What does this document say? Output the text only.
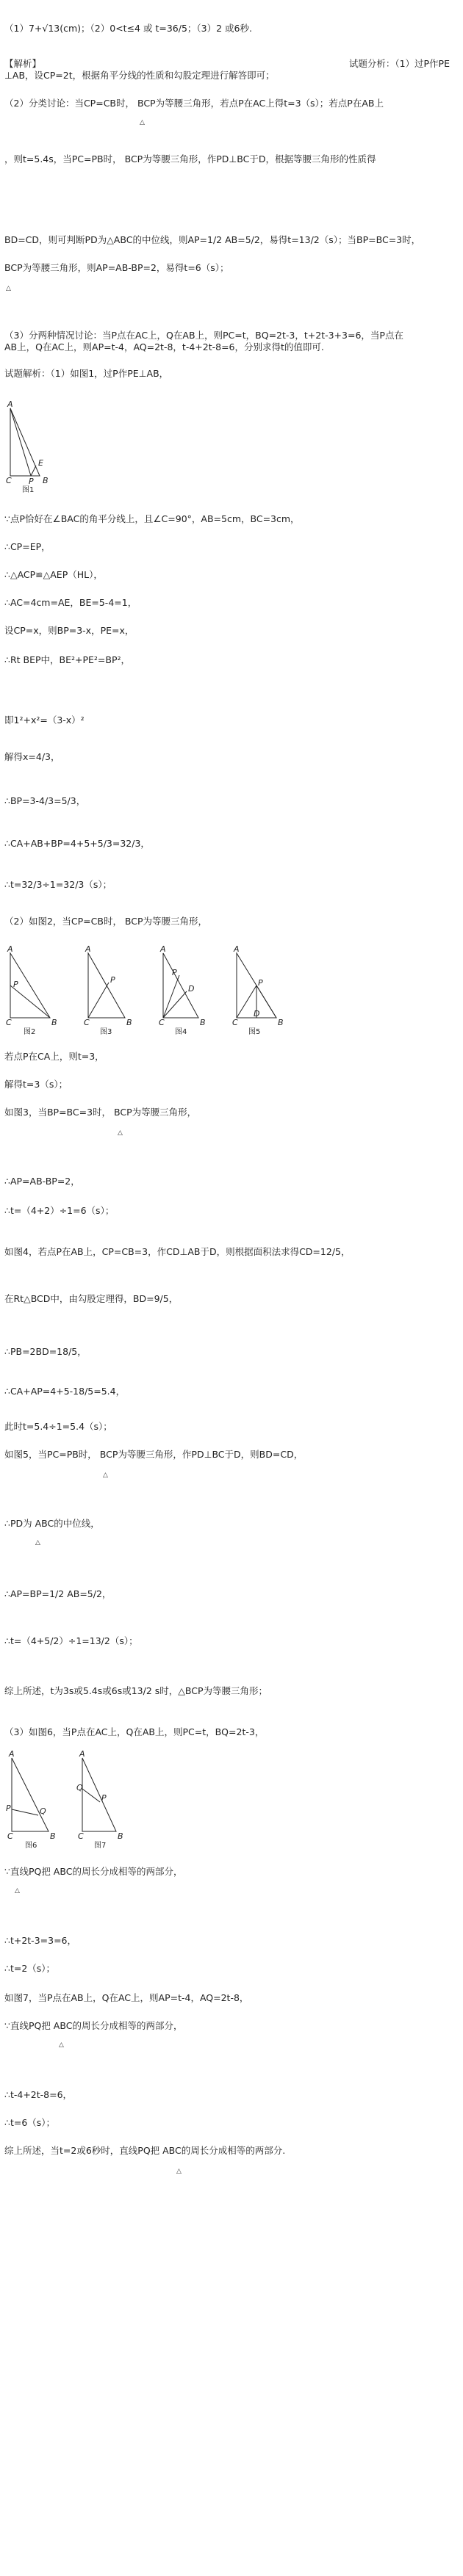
（1）7+√13(cm)；（2）0<t≤4 或 t=36/5；（3）2 或6秒.
【解析】	试题分析：（1）过P作PE
⊥AB，设CP=2t，根据角平分线的性质和勾股定理进行解答即可；
（2）分类讨论：当CP=CB时， BCP为等腰三角形，若点P在AC上得t=3（s）；若点P在AB上
△
，则t=5.4s，当PC=PB时， BCP为等腰三角形，作PD⊥BC于D，根据等腰三角形的性质得
BD=CD，则可判断PD为△ABC的中位线，则AP=1/2 AB=5/2，易得t=13/2（s）；当BP=BC=3时，
BCP为等腰三角形，则AP=AB-BP=2，易得t=6（s）；
△
（3）分两种情况讨论：当P点在AC上，Q在AB上，则PC=t，BQ=2t-3，t+2t-3+3=6，当P点在
AB上，Q在AC上，则AP=t-4，AQ=2t-8，t-4+2t-8=6，分别求得t的值即可.
试题解析：（1）如图1，过P作PE⊥AB，
A
C P B
E
图1
∵点P恰好在∠BAC的角平分线上，且∠C=90°，AB=5cm，BC=3cm，
∴CP=EP，
∴△ACP≌△AEP（HL），
∴AC=4cm=AE，BE=5-4=1，
设CP=x，则BP=3-x，PE=x，
∴Rt BEP中，BE²+PE²=BP²，
即1²+x²=（3-x）²
解得x=4/3，
∴BP=3-4/3=5/3，
∴CA+AB+BP=4+5+5/3=32/3，
∴t=32/3÷1=32/3（s）；
（2）如图2，当CP=CB时， BCP为等腰三角形，
A
P
C	B
图2
A
P
C	B
图3
A
P
D
C	B
图4
A
P
D
C	B
图5
若点P在CA上，则t=3，
解得t=3（s）；
如图3，当BP=BC=3时， BCP为等腰三角形，
△
∴AP=AB-BP=2，
∴t=（4+2）÷1=6（s）；
如图4，若点P在AB上，CP=CB=3，作CD⊥AB于D，则根据面积法求得CD=12/5，
在Rt△BCD中，由勾股定理得，BD=9/5，
∴PB=2BD=18/5，
∴CA+AP=4+5-18/5=5.4，
此时t=5.4÷1=5.4（s）；
如图5，当PC=PB时， BCP为等腰三角形，作PD⊥BC于D，则BD=CD，
△
∴PD为 ABC的中位线，
△
∴AP=BP=1/2 AB=5/2，
∴t=（4+5/2）÷1=13/2（s）；
综上所述，t为3s或5.4s或6s或13/2 s时，△BCP为等腰三角形；
（3）如图6，当P点在AC上，Q在AB上，则PC=t，BQ=2t-3，
A
P	Q
C	B
图6
A
Q
P
C	B
图7
∵直线PQ把 ABC的周长分成相等的两部分，
△
∴t+2t-3=3=6，
∴t=2（s）；
如图7，当P点在AB上，Q在AC上，则AP=t-4，AQ=2t-8，
∵直线PQ把 ABC的周长分成相等的两部分，
△
∴t-4+2t-8=6，
∴t=6（s）；
综上所述，当t=2或6秒时，直线PQ把 ABC的周长分成相等的两部分.
△
